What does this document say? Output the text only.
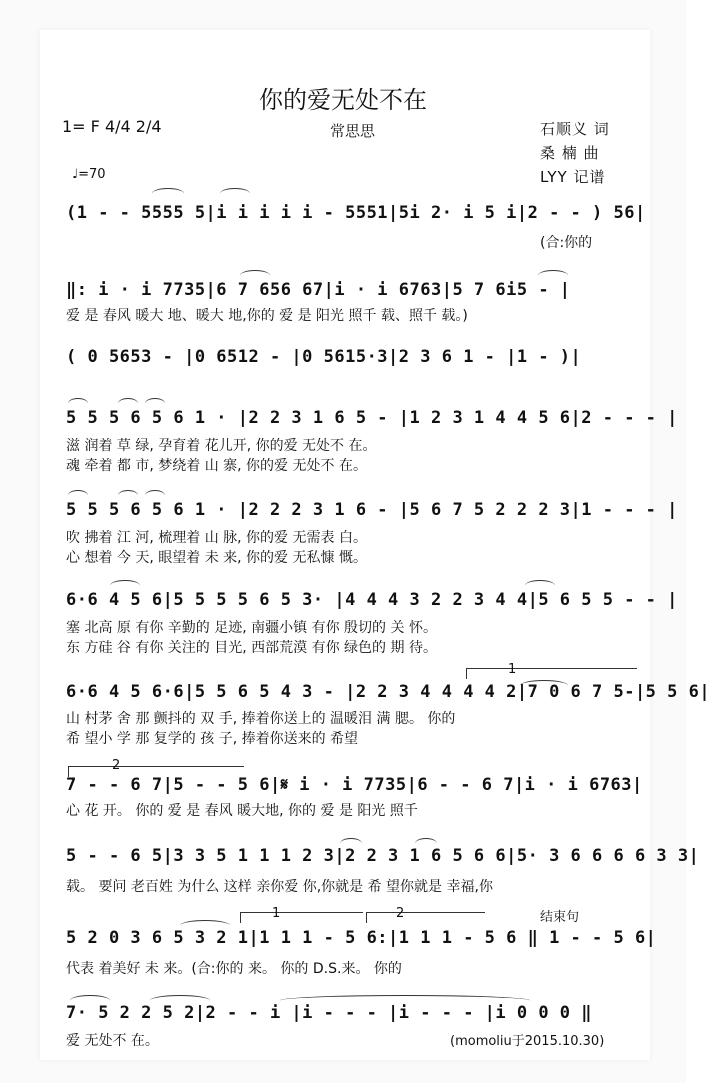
你的爱无处不在
1= F 4/4 2/4	常思思	石顺义 词
桑 楠 曲
LYY 记谱
♩=70
(1 - - 5555 5|i i i i i - 5551|5i 2· i 5 i|2 - - ) 56|
(合:你的
‖: i · i 7735|6 7 656 67|i · i 6763|5 7 6i5 - |
爱 是 春风 暖大 地、暖大 地,你的 爱 是 阳光 照千 载、照千 载。)
( 0 5653 - |0 6512 - |0 5615·3|2 3 6 1 - |1 - )|
5 5 5 6 5 6 1 · |2 2 3 1 6 5 - |1 2 3 1 4 4 5 6|2 - - - |
滋 润着 草 绿, 孕育着 花儿开, 你的爱 无处不 在。
魂 牵着 都 市, 梦绕着 山 寨, 你的爱 无处不 在。
5 5 5 6 5 6 1 · |2 2 2 3 1 6 - |5 6 7 5 2 2 2 3|1 - - - |
吹 拂着 江 河, 梳理着 山 脉, 你的爱 无需表 白。
心 想着 今 天, 眼望着 未 来, 你的爱 无私慷 慨。
6·6 4 5 6|5 5 5 5 6 5 3· |4 4 4 3 2 2 3 4 4|5 6 5 5 - - |
塞 北高 原 有你 辛勤的 足迹, 南疆小镇 有你 殷切的 关 怀。
东 方硅 谷 有你 关注的 目光, 西部荒漠 有你 绿色的 期 待。
1
6·6 4 5 6·6|5 5 6 5 4 3 - |2 2 3 4 4 4 4 2|7 0 6 7 5-|5 5 6|
山 村茅 舍 那 颤抖的 双 手, 捧着你送上的 温暖泪 满 腮。 你的
希 望小 学 那 复学的 孩 子, 捧着你送来的 希望
2
7 - - 6 7|5 - - 5 6|𝄋 i · i 7735|6 - - 6 7|i · i 6763|
心 花 开。 你的 爱 是 春风 暖大地, 你的 爱 是 阳光 照千
5 - - 6 5|3 3 5 1 1 1 2 3|2 2 3 1 6 5 6 6|5· 3 6 6 6 6 3 3|
载。 要问 老百姓 为什么 这样 亲你爱 你,你就是 希 望你就是 幸福,你
1	2	结束句
5 2 0 3 6 5 3 2 1|1 1 1 - 5 6:|1 1 1 - 5 6 ‖ 1 - - 5 6|
代表 着美好 未 来。(合:你的 来。 你的 D.S.来。 你的
7· 5 2 2 5 2|2 - - i |i - - - |i - - - |i 0 0 0 ‖
爱 无处不 在。	(momoliu于2015.10.30)
